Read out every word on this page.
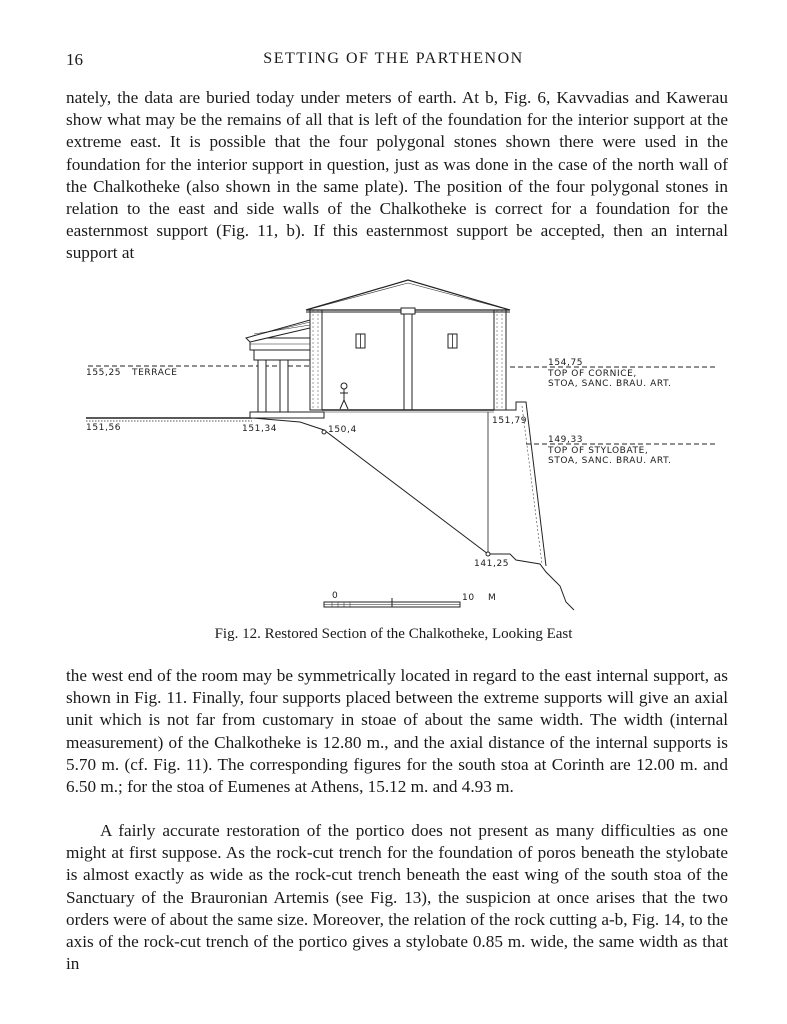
16	SETTING OF THE PARTHENON

nately, the data are buried today under meters of earth. At b, Fig. 6, Kavvadias and Kawerau show what may be the remains of all that is left of the foundation for the interior support at the extreme east. It is possible that the four polygonal stones shown there were used in the foundation for the interior support in question, just as was done in the case of the north wall of the Chalkotheke (also shown in the same plate). The position of the four polygonal stones in relation to the east and side walls of the Chalkotheke is correct for a foundation for the easternmost support (Fig. 11, b). If this easternmost support be accepted, then an internal support at

155,25 TERRACE
151,56	151,34	150,4
151,79
141,25
154,75
TOP OF CORNICE,
STOA, SANC. BRAU. ART.
149,33
TOP OF STYLOBATE,
STOA, SANC. BRAU. ART.
0	10 M
Fig. 12. Restored Section of the Chalkotheke, Looking East

the west end of the room may be symmetrically located in regard to the east internal support, as shown in Fig. 11. Finally, four supports placed between the extreme supports will give an axial unit which is not far from customary in stoae of about the same width. The width (internal measurement) of the Chalkotheke is 12.80 m., and the axial distance of the internal supports is 5.70 m. (cf. Fig. 11). The corresponding figures for the south stoa at Corinth are 12.00 m. and 6.50 m.; for the stoa of Eumenes at Athens, 15.12 m. and 4.93 m.

A fairly accurate restoration of the portico does not present as many difficulties as one might at first suppose. As the rock-cut trench for the foundation of poros beneath the stylobate is almost exactly as wide as the rock-cut trench beneath the east wing of the south stoa of the Sanctuary of the Brauronian Artemis (see Fig. 13), the suspicion at once arises that the two orders were of about the same size. Moreover, the relation of the rock cutting a-b, Fig. 14, to the axis of the rock-cut trench of the portico gives a stylobate 0.85 m. wide, the same width as that in
